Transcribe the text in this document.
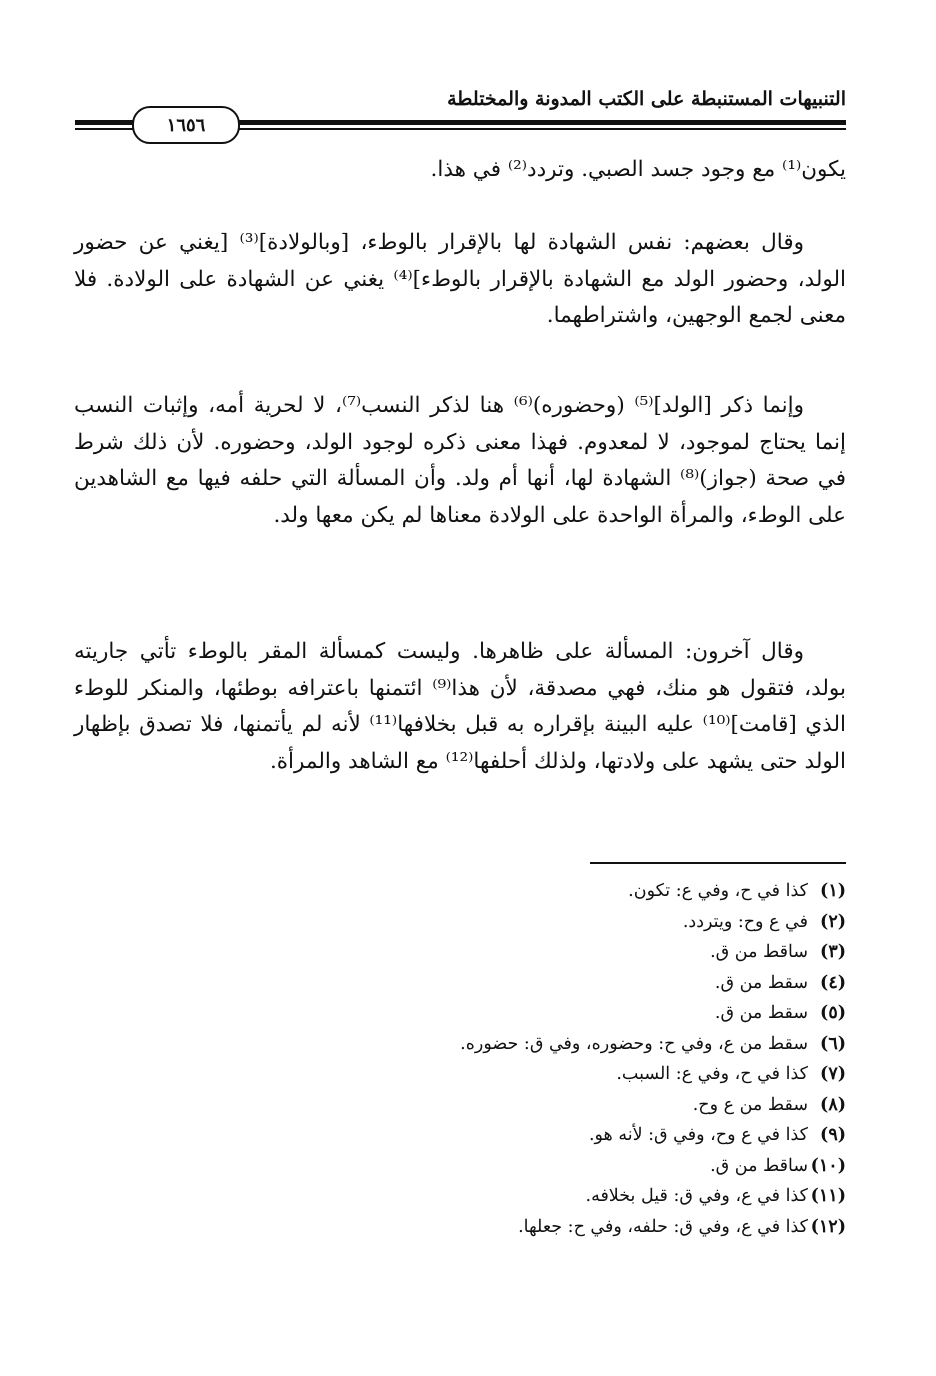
التنبيهات المستنبطة على الكتب المدونة والمختلطة
١٦٥٦

يكون⁽¹⁾ مع وجود جسد الصبي. وتردد⁽²⁾ في هذا.

وقال بعضهم: نفس الشهادة لها بالإقرار بالوطء، [وبالولادة]⁽³⁾ [يغني عن حضور الولد، وحضور الولد مع الشهادة بالإقرار بالوطء]⁽⁴⁾ يغني عن الشهادة على الولادة. فلا معنى لجمع الوجهين، واشتراطهما.

وإنما ذكر [الولد]⁽⁵⁾ (وحضوره)⁽⁶⁾ هنا لذكر النسب⁽⁷⁾، لا لحرية أمه، وإثبات النسب إنما يحتاج لموجود، لا لمعدوم. فهذا معنى ذكره لوجود الولد، وحضوره. لأن ذلك شرط في صحة (جواز)⁽⁸⁾ الشهادة لها، أنها أم ولد. وأن المسألة التي حلفه فيها مع الشاهدين على الوطء، والمرأة الواحدة على الولادة معناها لم يكن معها ولد.

وقال آخرون: المسألة على ظاهرها. وليست كمسألة المقر بالوطء تأتي جاريته بولد، فتقول هو منك، فهي مصدقة، لأن هذا⁽⁹⁾ ائتمنها باعترافه بوطئها، والمنكر للوطء الذي [قامت]⁽¹⁰⁾ عليه البينة بإقراره به قبل بخلافها⁽¹¹⁾ لأنه لم يأتمنها، فلا تصدق بإظهار الولد حتى يشهد على ولادتها، ولذلك أحلفها⁽¹²⁾ مع الشاهد والمرأة.

(١)
كذا في ح، وفي ع: تكون.
(٢)
في ع وح: ويتردد.
(٣)
ساقط من ق.
(٤)
سقط من ق.
(٥)
سقط من ق.
(٦)
سقط من ع، وفي ح: وحضوره، وفي ق: حضوره.
(٧)
كذا في ح، وفي ع: السبب.
(٨)
سقط من ع وح.
(٩)
كذا في ع وح، وفي ق: لأنه هو.
(١٠)
ساقط من ق.
(١١)
كذا في ع، وفي ق: قيل بخلافه.
(١٢)
كذا في ع، وفي ق: حلفه، وفي ح: جعلها.
